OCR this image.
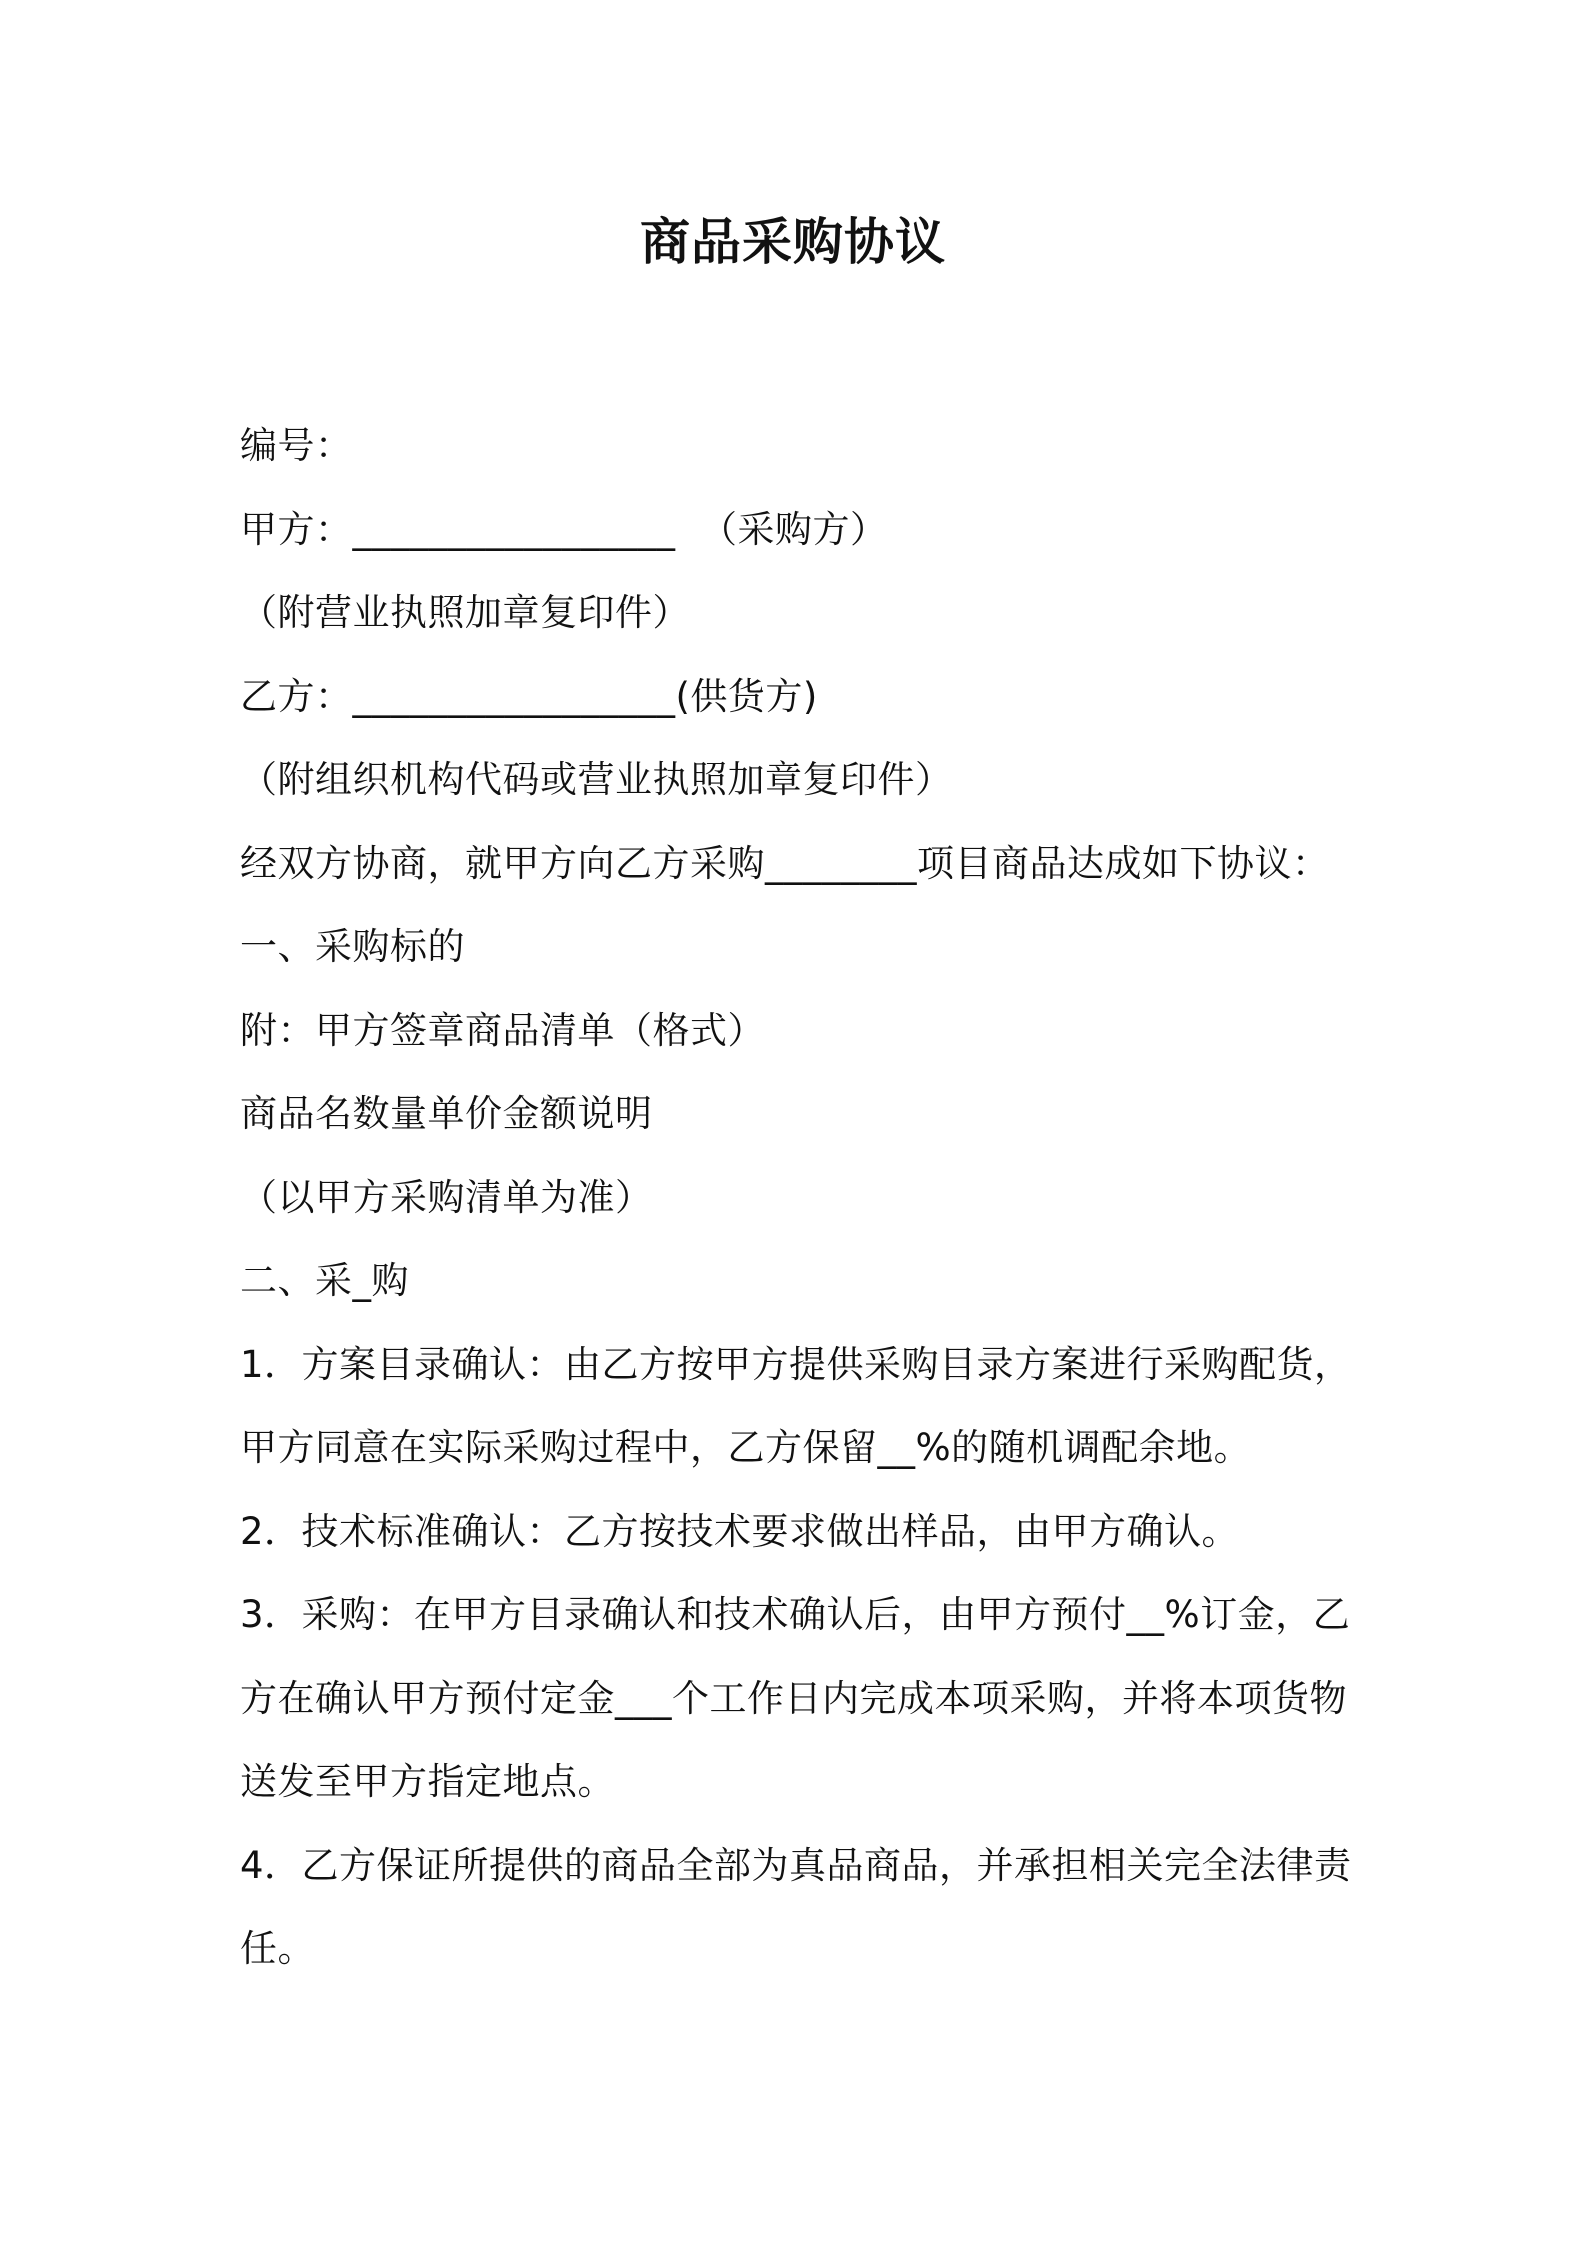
商品采购协议
编号：
甲方：_________________  （采购方）
（附营业执照加章复印件）
乙方：_________________(供货方)
（附组织机构代码或营业执照加章复印件）
经双方协商，就甲方向乙方采购________项目商品达成如下协议：
一、采购标的
附：甲方签章商品清单（格式）
商品名数量单价金额说明
（以甲方采购清单为准）
二、采_购
1．方案目录确认：由乙方按甲方提供采购目录方案进行采购配货，
甲方同意在实际采购过程中，乙方保留__%的随机调配余地。
2．技术标准确认：乙方按技术要求做出样品，由甲方确认。
3．采购：在甲方目录确认和技术确认后，由甲方预付__%订金，乙
方在确认甲方预付定金___个工作日内完成本项采购，并将本项货物
送发至甲方指定地点。
4．乙方保证所提供的商品全部为真品商品，并承担相关完全法律责
任。
